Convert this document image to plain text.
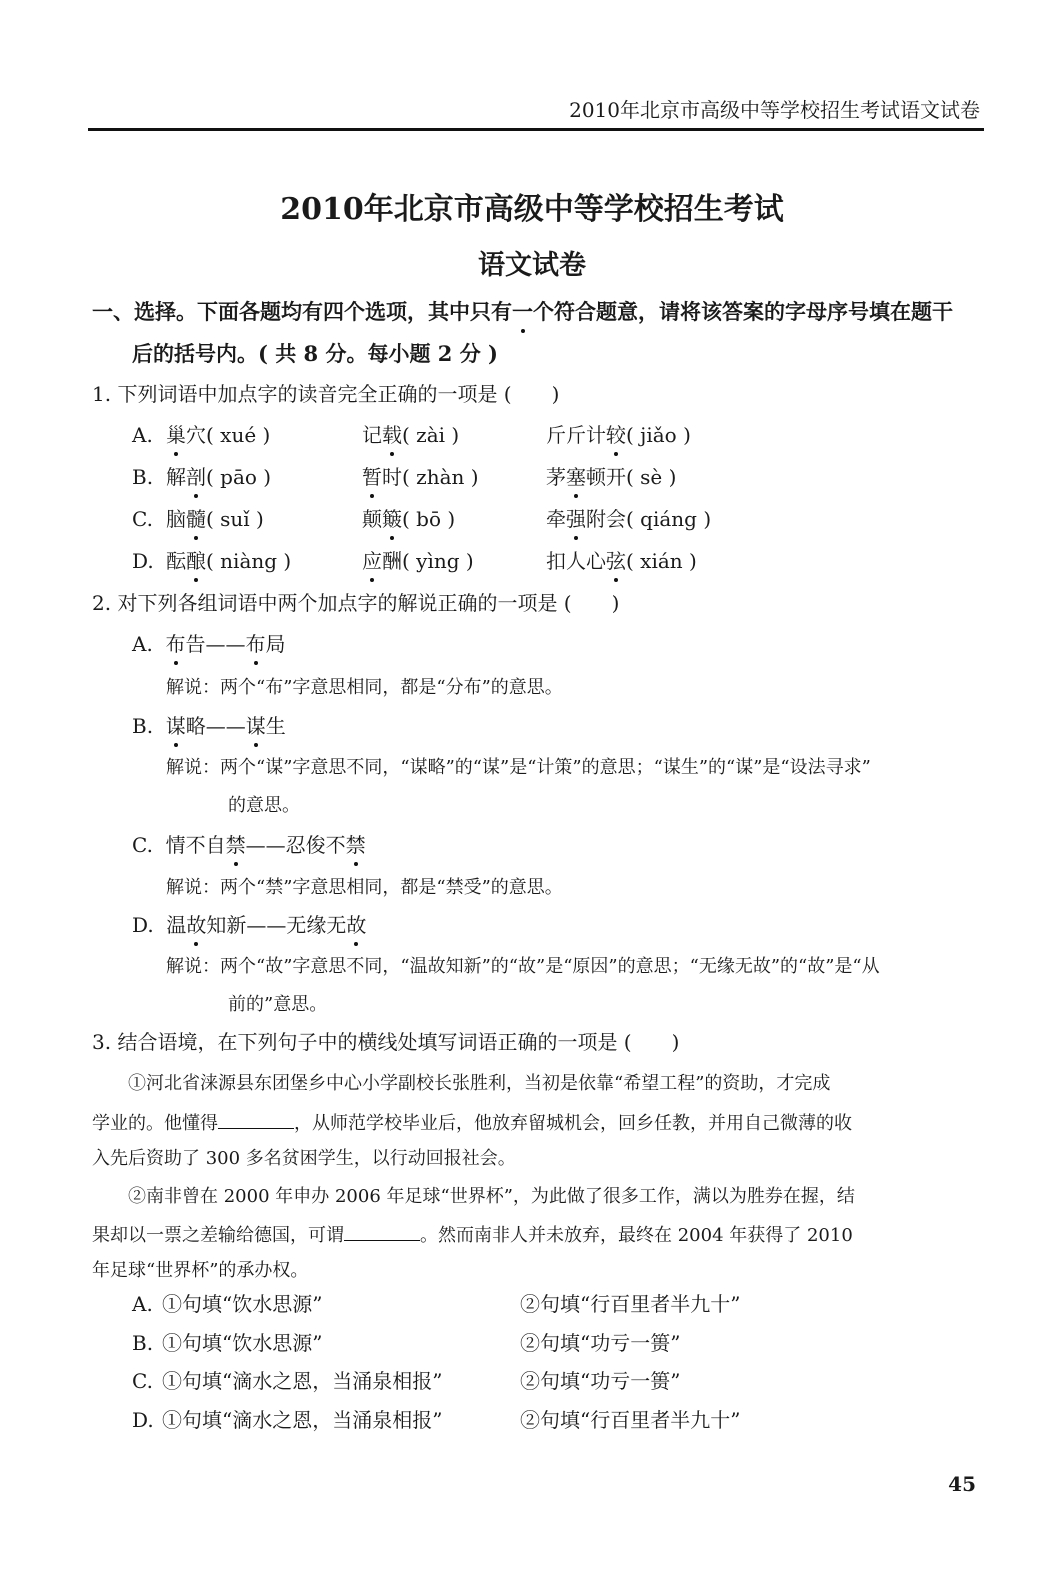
2010年北京市高级中等学校招生考试语文试卷
2010年北京市高级中等学校招生考试
语文试卷
一、选择。下面各题均有四个选项，其中只有一个符合题意，请将该答案的字母序号填在题干
后的括号内。( 共 8 分。每小题 2 分 )
1. 下列词语中加点字的读音完全正确的一项是 (　　)
A. 巢穴( xué )	记载( zài )	斤斤计较( jiǎo )
B. 解剖( pāo )	暂时( zhàn )	茅塞顿开( sè )
C. 脑髓( suǐ )	颠簸( bō )	牵强附会( qiáng )
D. 酝酿( niàng )	应酬( yìng )	扣人心弦( xián )
2. 对下列各组词语中两个加点字的解说正确的一项是 (　　)
A. 布告——布局
解说：两个“布”字意思相同，都是“分布”的意思。
B. 谋略——谋生
解说：两个“谋”字意思不同，“谋略”的“谋”是“计策”的意思；“谋生”的“谋”是“设法寻求”
的意思。
C. 情不自禁——忍俊不禁
解说：两个“禁”字意思相同，都是“禁受”的意思。
D. 温故知新——无缘无故
解说：两个“故”字意思不同，“温故知新”的“故”是“原因”的意思；“无缘无故”的“故”是“从
前的”意思。
3. 结合语境，在下列句子中的横线处填写词语正确的一项是 (　　)
①河北省涞源县东团堡乡中心小学副校长张胜利，当初是依靠“希望工程”的资助，才完成
学业的。他懂得	，从师范学校毕业后，他放弃留城机会，回乡任教，并用自己微薄的收
入先后资助了 300 多名贫困学生，以行动回报社会。
②南非曾在 2000 年申办 2006 年足球“世界杯”，为此做了很多工作，满以为胜券在握，结
果却以一票之差输给德国，可谓	。然而南非人并未放弃，最终在 2004 年获得了 2010
年足球“世界杯”的承办权。
A. ①句填“饮水思源”	②句填“行百里者半九十”
B. ①句填“饮水思源”	②句填“功亏一篑”
C. ①句填“滴水之恩，当涌泉相报”	②句填“功亏一篑”
D. ①句填“滴水之恩，当涌泉相报”	②句填“行百里者半九十”
45
